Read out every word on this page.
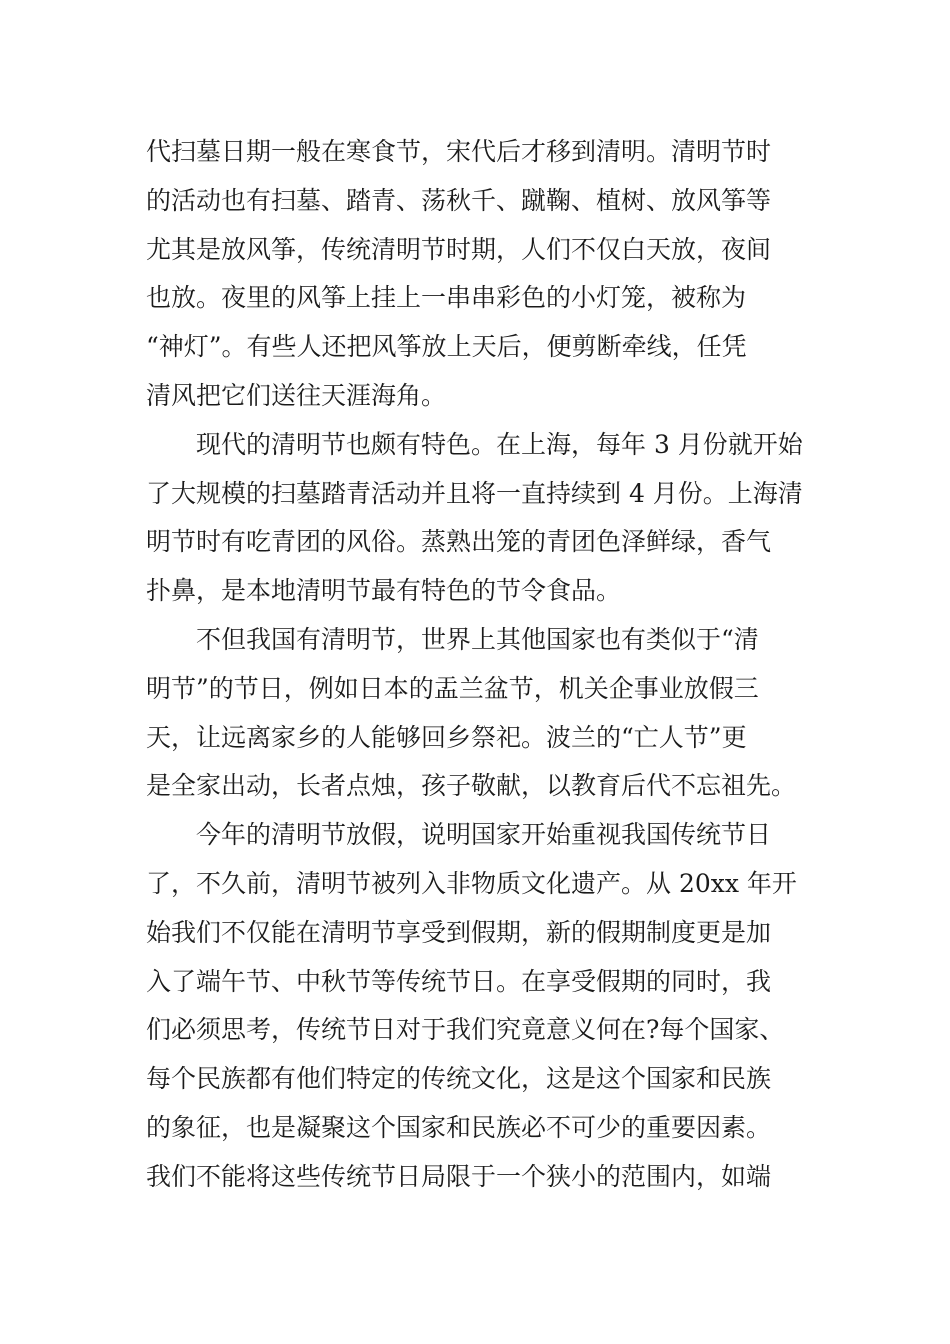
代扫墓日期一般在寒食节，宋代后才移到清明。清明节时
的活动也有扫墓、踏青、荡秋千、蹴鞠、植树、放风筝等
尤其是放风筝，传统清明节时期，人们不仅白天放，夜间
也放。夜里的风筝上挂上一串串彩色的小灯笼，被称为
“神灯”。有些人还把风筝放上天后，便剪断牵线，任凭
清风把它们送往天涯海角。
现代的清明节也颇有特色。在上海，每年 3 月份就开始
了大规模的扫墓踏青活动并且将一直持续到 4 月份。上海清
明节时有吃青团的风俗。蒸熟出笼的青团色泽鲜绿，香气
扑鼻，是本地清明节最有特色的节令食品。
不但我国有清明节，世界上其他国家也有类似于“清
明节”的节日，例如日本的盂兰盆节，机关企事业放假三
天，让远离家乡的人能够回乡祭祀。波兰的“亡人节”更
是全家出动，长者点烛，孩子敬献，以教育后代不忘祖先。
今年的清明节放假，说明国家开始重视我国传统节日
了，不久前，清明节被列入非物质文化遗产。从 20xx 年开
始我们不仅能在清明节享受到假期，新的假期制度更是加
入了端午节、中秋节等传统节日。在享受假期的同时，我
们必须思考，传统节日对于我们究竟意义何在?每个国家、
每个民族都有他们特定的传统文化，这是这个国家和民族
的象征，也是凝聚这个国家和民族必不可少的重要因素。
我们不能将这些传统节日局限于一个狭小的范围内，如端
